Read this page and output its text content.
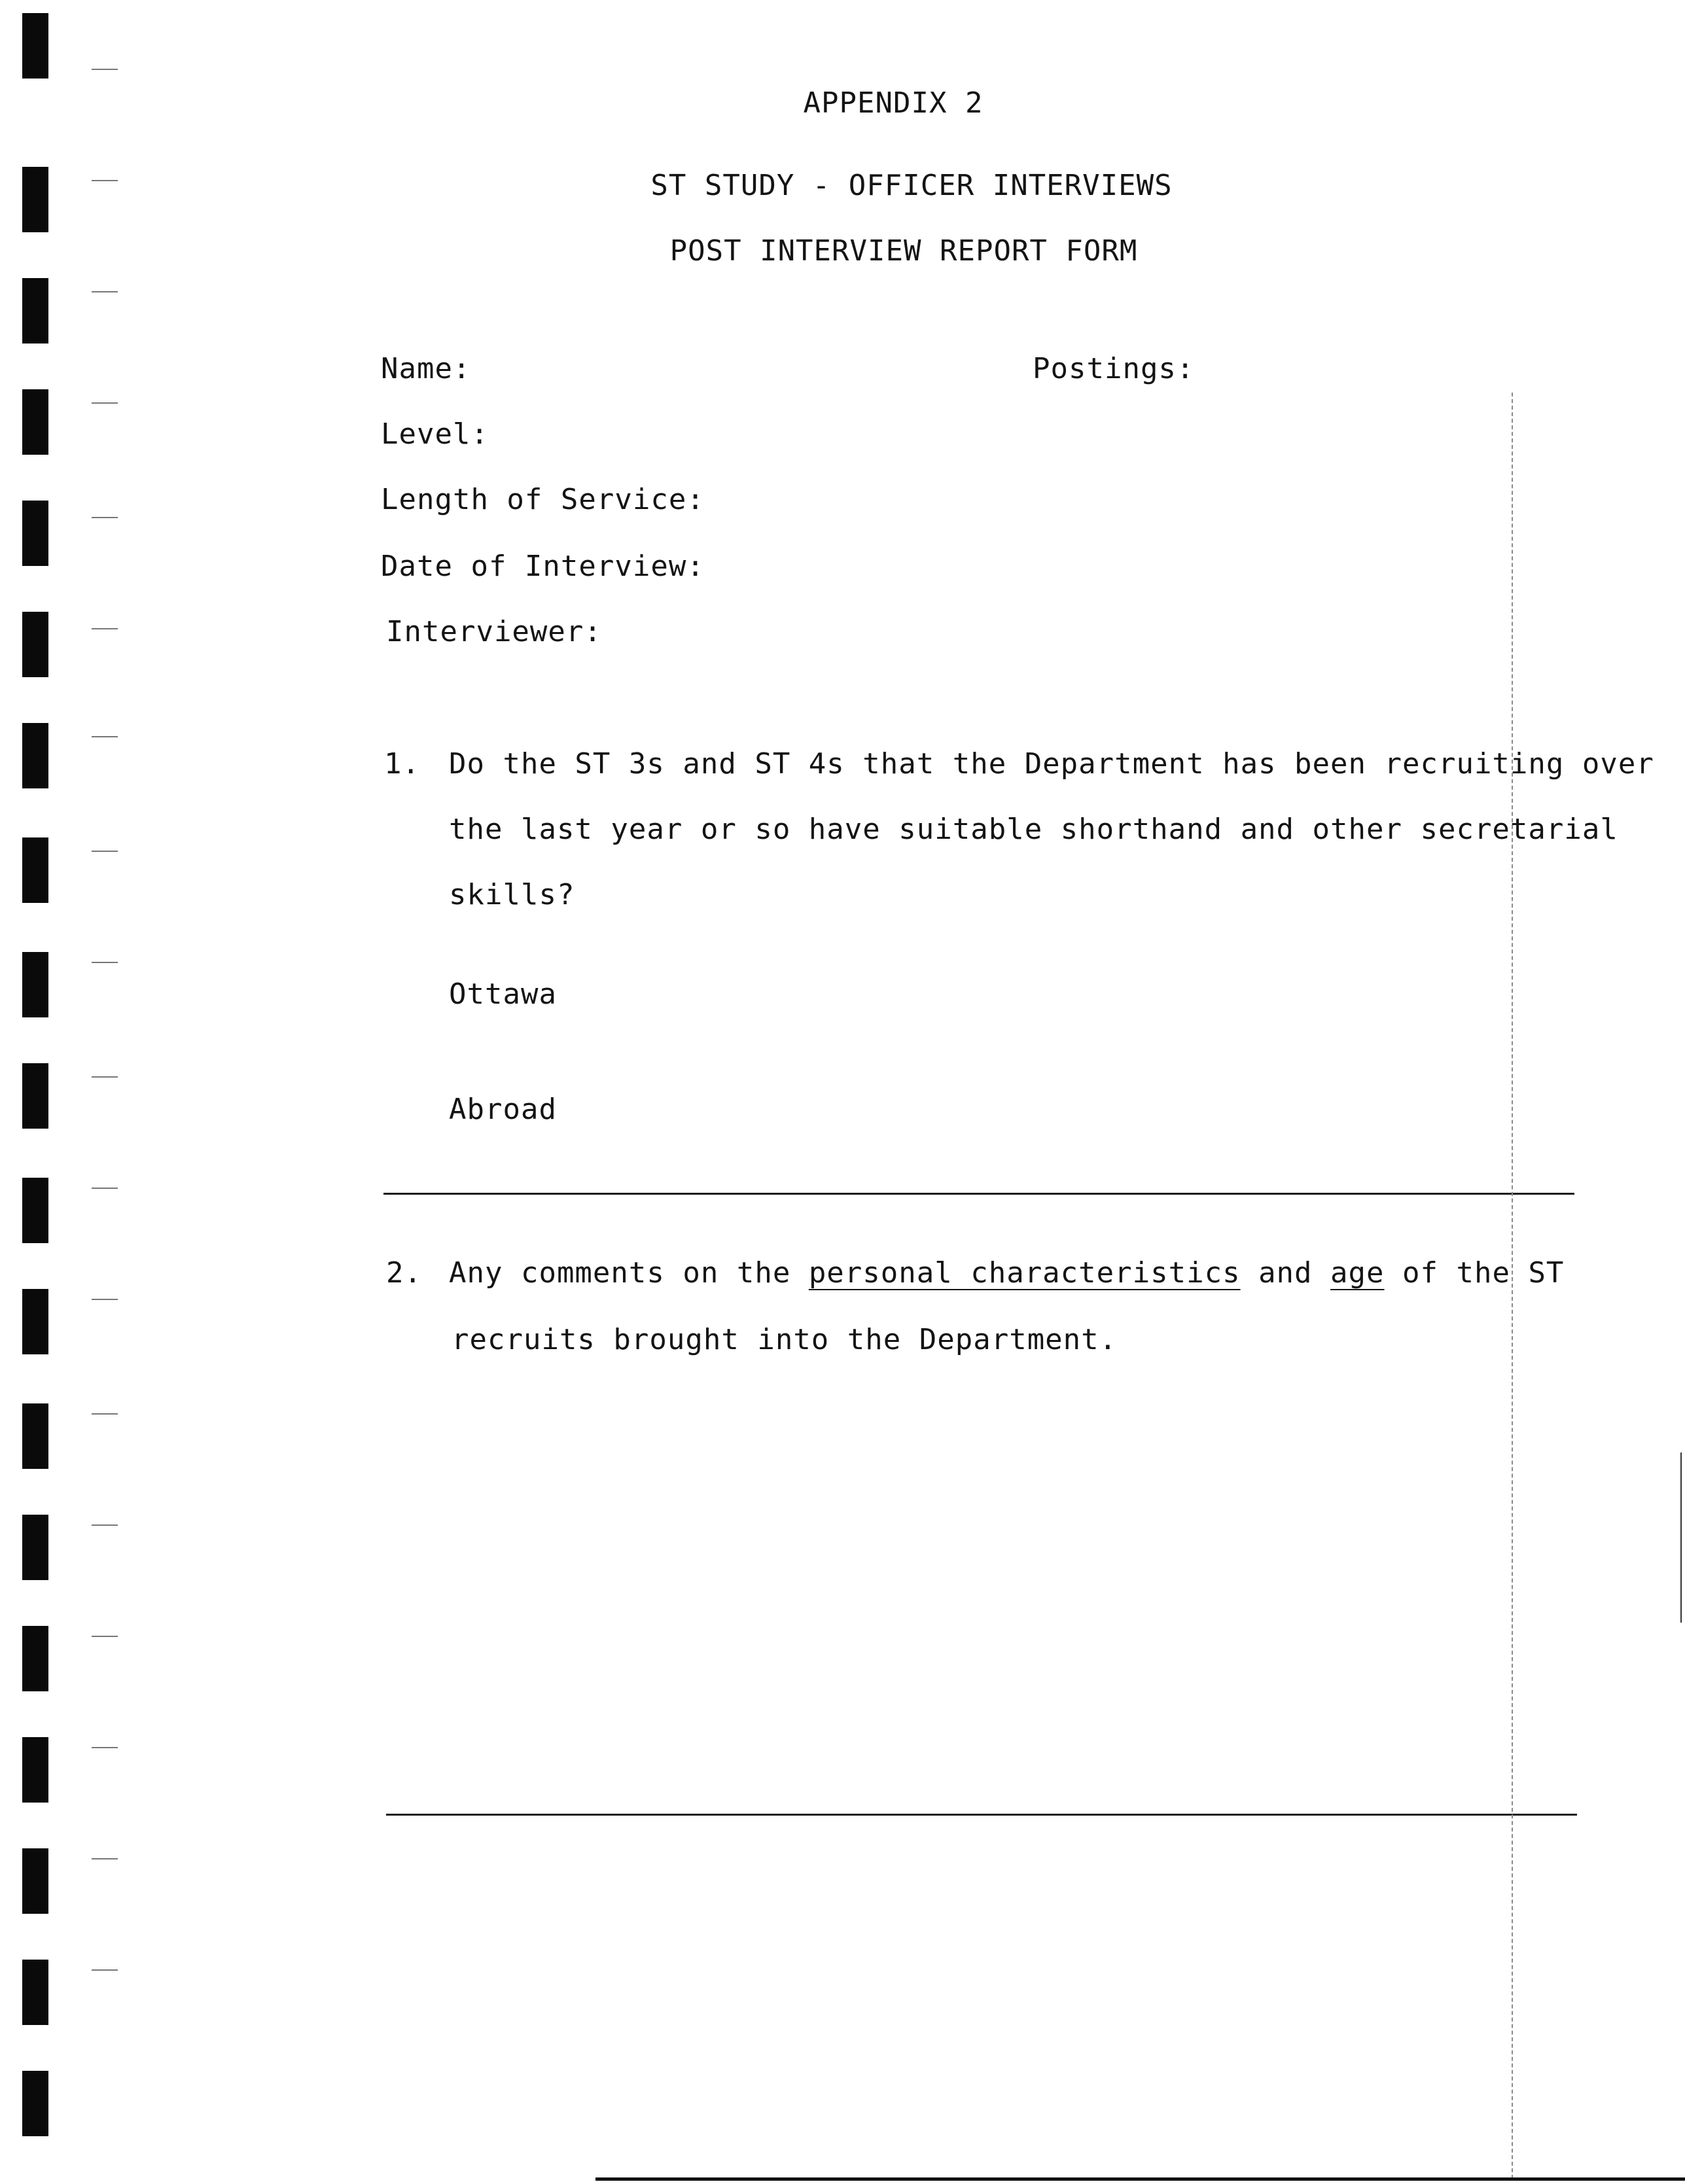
APPENDIX 2
ST STUDY - OFFICER INTERVIEWS
POST INTERVIEW REPORT FORM
Name:	Postings:
Level:
Length of Service:
Date of Interview:
Interviewer:
1. Do the ST 3s and ST 4s that the Department has been recruiting over
the last year or so have suitable shorthand and other secretarial
skills?
Ottawa
Abroad
2. Any comments on the personal characteristics and age of the ST
recruits brought into the Department.
